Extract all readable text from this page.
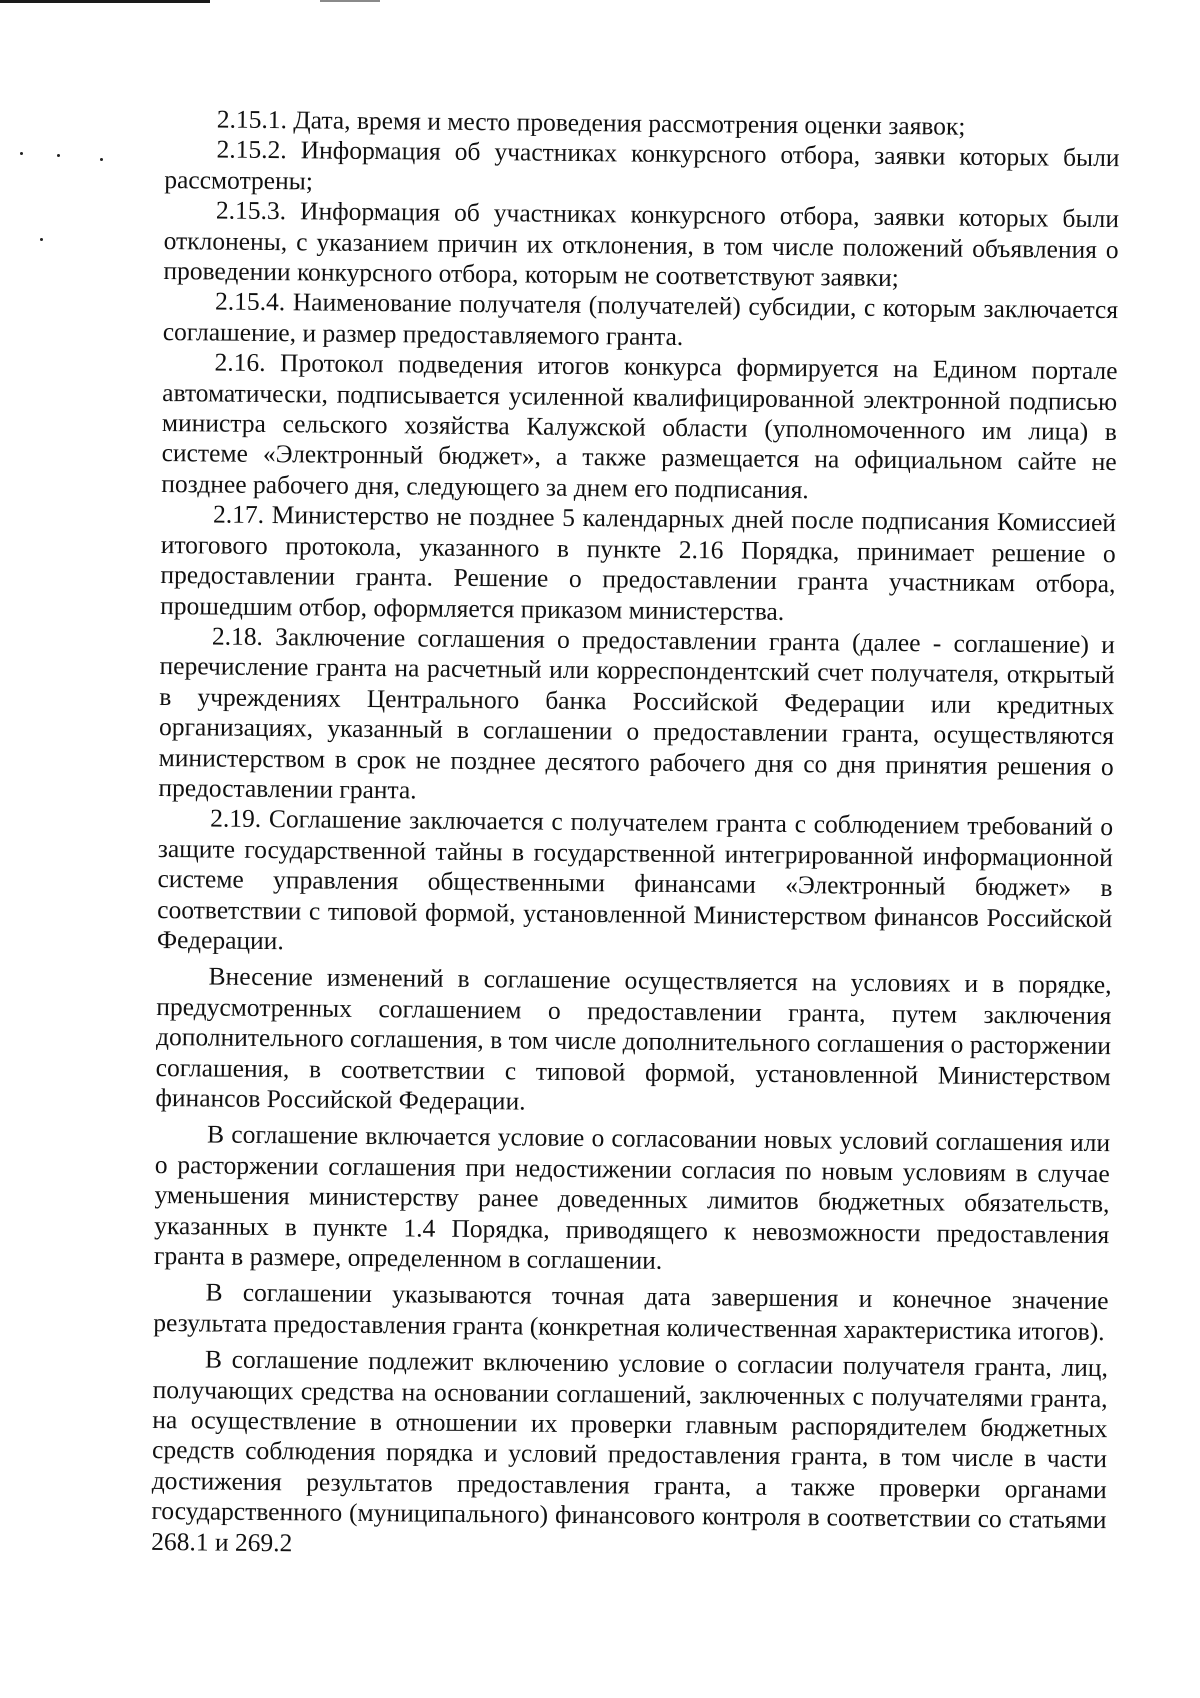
2.15.1. Дата, время и место проведения рассмотрения оценки заявок;

2.15.2. Информация об участниках конкурсного отбора, заявки которых были рассмотрены;

2.15.3. Информация об участниках конкурсного отбора, заявки которых были отклонены, с указанием причин их отклонения, в том числе положений объявления о проведении конкурсного отбора, которым не соответствуют заявки;

2.15.4. Наименование получателя (получателей) субсидии, с которым заключается соглашение, и размер предоставляемого гранта.

2.16. Протокол подведения итогов конкурса формируется на Едином портале автоматически, подписывается усиленной квалифицированной электронной подписью министра сельского хозяйства Калужской области (уполномоченного им лица) в системе «Электронный бюджет», а также размещается на официальном сайте не позднее рабочего дня, следующего за днем его подписания.

2.17. Министерство не позднее 5 календарных дней после подписания Комиссией итогового протокола, указанного в пункте 2.16 Порядка, принимает решение о предоставлении гранта. Решение о предоставлении гранта участникам отбора, прошедшим отбор, оформляется приказом министерства.

2.18. Заключение соглашения о предоставлении гранта (далее - соглашение) и перечисление гранта на расчетный или корреспондентский счет получателя, открытый в учреждениях Центрального банка Российской Федерации или кредитных организациях, указанный в соглашении о предоставлении гранта, осуществляются министерством в срок не позднее десятого рабочего дня со дня принятия решения о предоставлении гранта.

2.19. Соглашение заключается с получателем гранта с соблюдением требований о защите государственной тайны в государственной интегрированной информационной системе управления общественными финансами «Электронный бюджет» в соответствии с типовой формой, установленной Министерством финансов Российской Федерации.

Внесение изменений в соглашение осуществляется на условиях и в порядке, предусмотренных соглашением о предоставлении гранта, путем заключения дополнительного соглашения, в том числе дополнительного соглашения о расторжении соглашения, в соответствии с типовой формой, установленной Министерством финансов Российской Федерации.

В соглашение включается условие о согласовании новых условий соглашения или о расторжении соглашения при недостижении согласия по новым условиям в случае уменьшения министерству ранее доведенных лимитов бюджетных обязательств, указанных в пункте 1.4 Порядка, приводящего к невозможности предоставления гранта в размере, определенном в соглашении.

В соглашении указываются точная дата завершения и конечное значение результата предоставления гранта (конкретная количественная характеристика итогов).

В соглашение подлежит включению условие о согласии получателя гранта, лиц, получающих средства на основании соглашений, заключенных с получателями гранта, на осуществление в отношении их проверки главным распорядителем бюджетных средств соблюдения порядка и условий предоставления гранта, в том числе в части достижения результатов предоставления гранта, а также проверки органами государственного (муниципального) финансового контроля в соответствии со статьями 268.1 и 269.2
